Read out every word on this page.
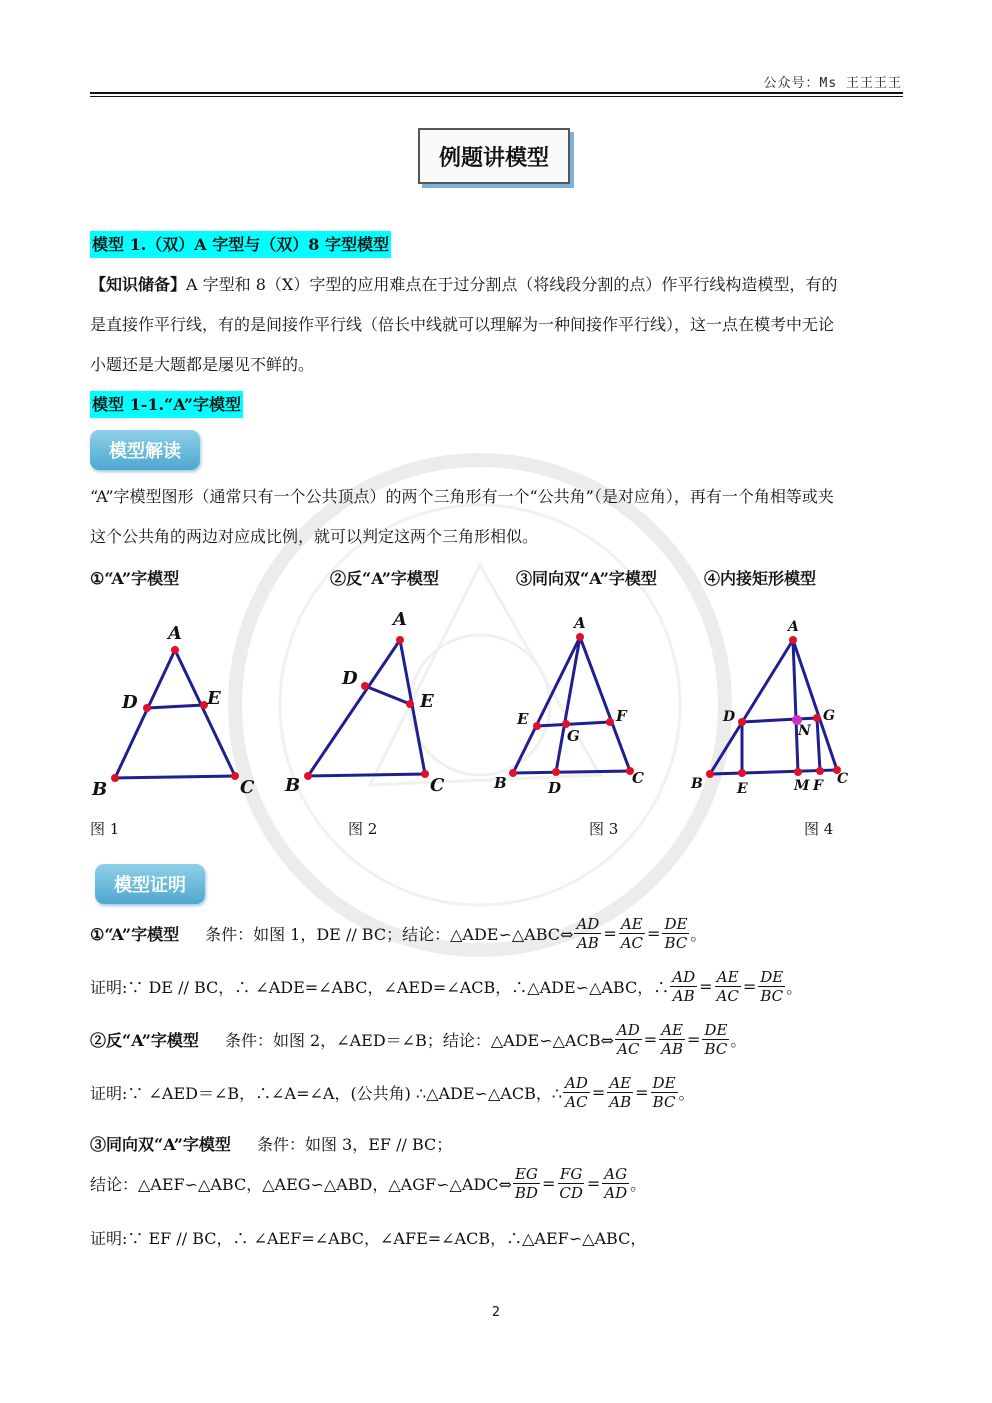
公众号：Ms 王王王王
例题讲模型
模型 1.（双）A 字型与（双）8 字型模型
【知识储备】A 字型和 8（X）字型的应用难点在于过分割点（将线段分割的点）作平行线构造模型，有的
是直接作平行线，有的是间接作平行线（倍长中线就可以理解为一种间接作平行线），这一点在模考中无论
小题还是大题都是屡见不鲜的。
模型 1-1.“A”字模型
模型解读
“A”字模型图形（通常只有一个公共顶点）的两个三角形有一个“公共角”（是对应角），再有一个角相等或夹
这个公共角的两边对应成比例，就可以判定这两个三角形相似。
①“A”字模型	②反“A”字模型	③同向双“A”字模型	④内接矩形模型
A
D	E
B	C
A
D
E
B	C
A
E	F
G
B	D
C
A
D	G
N
B E	M F C
图 1	图 2	图 3	图 4
模型证明
①“A”字模型 条件：如图 1，DE // BC；结论：△ADE∽△ABC⇔ $\frac{AD}{AB} = \frac{AE}{AC} = \frac{DE}{BC}$ 。
证明:∵ DE // BC，∴ ∠ADE=∠ABC，∠AED=∠ACB，∴△ADE∽△ABC，∴ $\frac{AD}{AB} = \frac{AE}{AC} = \frac{DE}{BC}$ 。
②反“A”字模型 条件：如图 2，∠AED＝∠B；结论：△ADE∽△ACB⇔ $\frac{AD}{AC} = \frac{AE}{AB} = \frac{DE}{BC}$ 。
证明:∵ ∠AED＝∠B，∴∠A=∠A，(公共角) ∴△ADE∽△ACB，∴ $\frac{AD}{AC} = \frac{AE}{AB} = \frac{DE}{BC}$ 。
③同向双“A”字模型 条件：如图 3，EF // BC；
结论：△AEF∽△ABC，△AEG∽△ABD，△AGF∽△ADC⇔ $\frac{EG}{BD} = \frac{FG}{CD} = \frac{AG}{AD}$ 。
证明:∵ EF // BC，∴ ∠AEF=∠ABC，∠AFE=∠ACB，∴△AEF∽△ABC，
2
